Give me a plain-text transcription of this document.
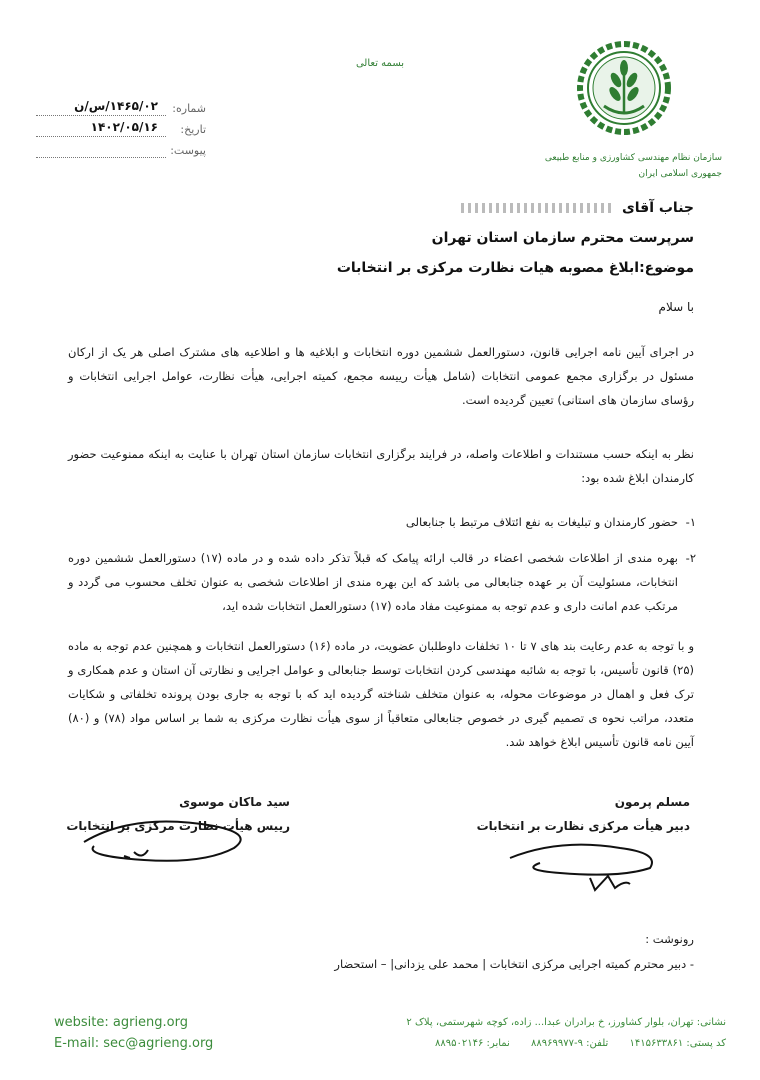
بسمه تعالی
سازمان نظام مهندسی کشاورزی و منابع طبیعی
جمهوری اسلامی ایران
شماره:
۱۴۶۵/۰۲/س/ن
تاریخ:
۱۴۰۲/۰۵/۱۶
پیوست:
جناب آقای
سرپرست محترم سازمان استان تهران
موضوع:ابلاغ مصوبه هیات نظارت مرکزی بر انتخابات
با سلام
در اجرای آیین نامه اجرایی قانون، دستورالعمل ششمین دوره انتخابات و ابلاغیه ها و اطلاعیه های مشترک اصلی هر یک از ارکان مسئول در برگزاری مجمع عمومی انتخابات (شامل هیأت رییسه مجمع، کمیته اجرایی، هیأت نظارت، عوامل اجرایی انتخابات و رؤسای سازمان های استانی) تعیین گردیده است.
نظر به اینکه حسب مستندات و اطلاعات واصله، در فرایند برگزاری انتخابات سازمان استان تهران با عنایت به اینکه ممنوعیت حضور کارمندان ابلاغ شده بود:
۱-
حضور کارمندان و تبلیغات به نفع ائتلاف مرتبط با جنابعالی
۲-
بهره مندی از اطلاعات شخصی اعضاء در قالب ارائه پیامک که قبلاً تذکر داده شده و در ماده (۱۷) دستورالعمل ششمین دوره انتخابات، مسئولیت آن بر عهده جنابعالی می باشد که این بهره مندی از اطلاعات شخصی به عنوان تخلف محسوب می گردد و مرتکب عدم امانت داری و عدم توجه به ممنوعیت مفاد ماده (۱۷) دستورالعمل انتخابات شده اید،
و با توجه به عدم رعایت بند های ۷ تا ۱۰ تخلفات داوطلبان عضویت، در ماده (۱۶) دستورالعمل انتخابات و همچنین عدم توجه به ماده (۲۵) قانون تأسیس، با توجه به شائبه مهندسی کردن انتخابات توسط جنابعالی و عوامل اجرایی و نظارتی آن استان و عدم همکاری و ترک فعل و اهمال در موضوعات محوله، به عنوان متخلف شناخته گردیده اید که با توجه به جاری بودن پرونده تخلفاتی و شکایات متعدد، مراتب نحوه ی تصمیم گیری در خصوص جنابعالی متعاقباً از سوی هیأت نظارت مرکزی به شما بر اساس مواد (۷۸) و (۸۰) آیین نامه قانون تأسیس ابلاغ خواهد شد.
مسلم پرمون
دبیر هیأت مرکزی نظارت بر انتخابات
سید ماکان موسوی
رییس هیأت نظارت مرکزی بر انتخابات
رونوشت :
- دبیر محترم کمیته اجرایی مرکزی انتخابات | محمد علی یزدانی| – استحضار
website: agrieng.org
E-mail: sec@agrieng.org
نشانی: تهران، بلوار کشاورز، خ برادران عبدا... زاده، کوچه شهرستمی، پلاک ۲
کد پستی: ۱۴۱۵۶۳۳۸۶۱ تلفن: ۹-۸۸۹۶۹۹۷۷ نمابر: ۸۸۹۵۰۲۱۴۶
